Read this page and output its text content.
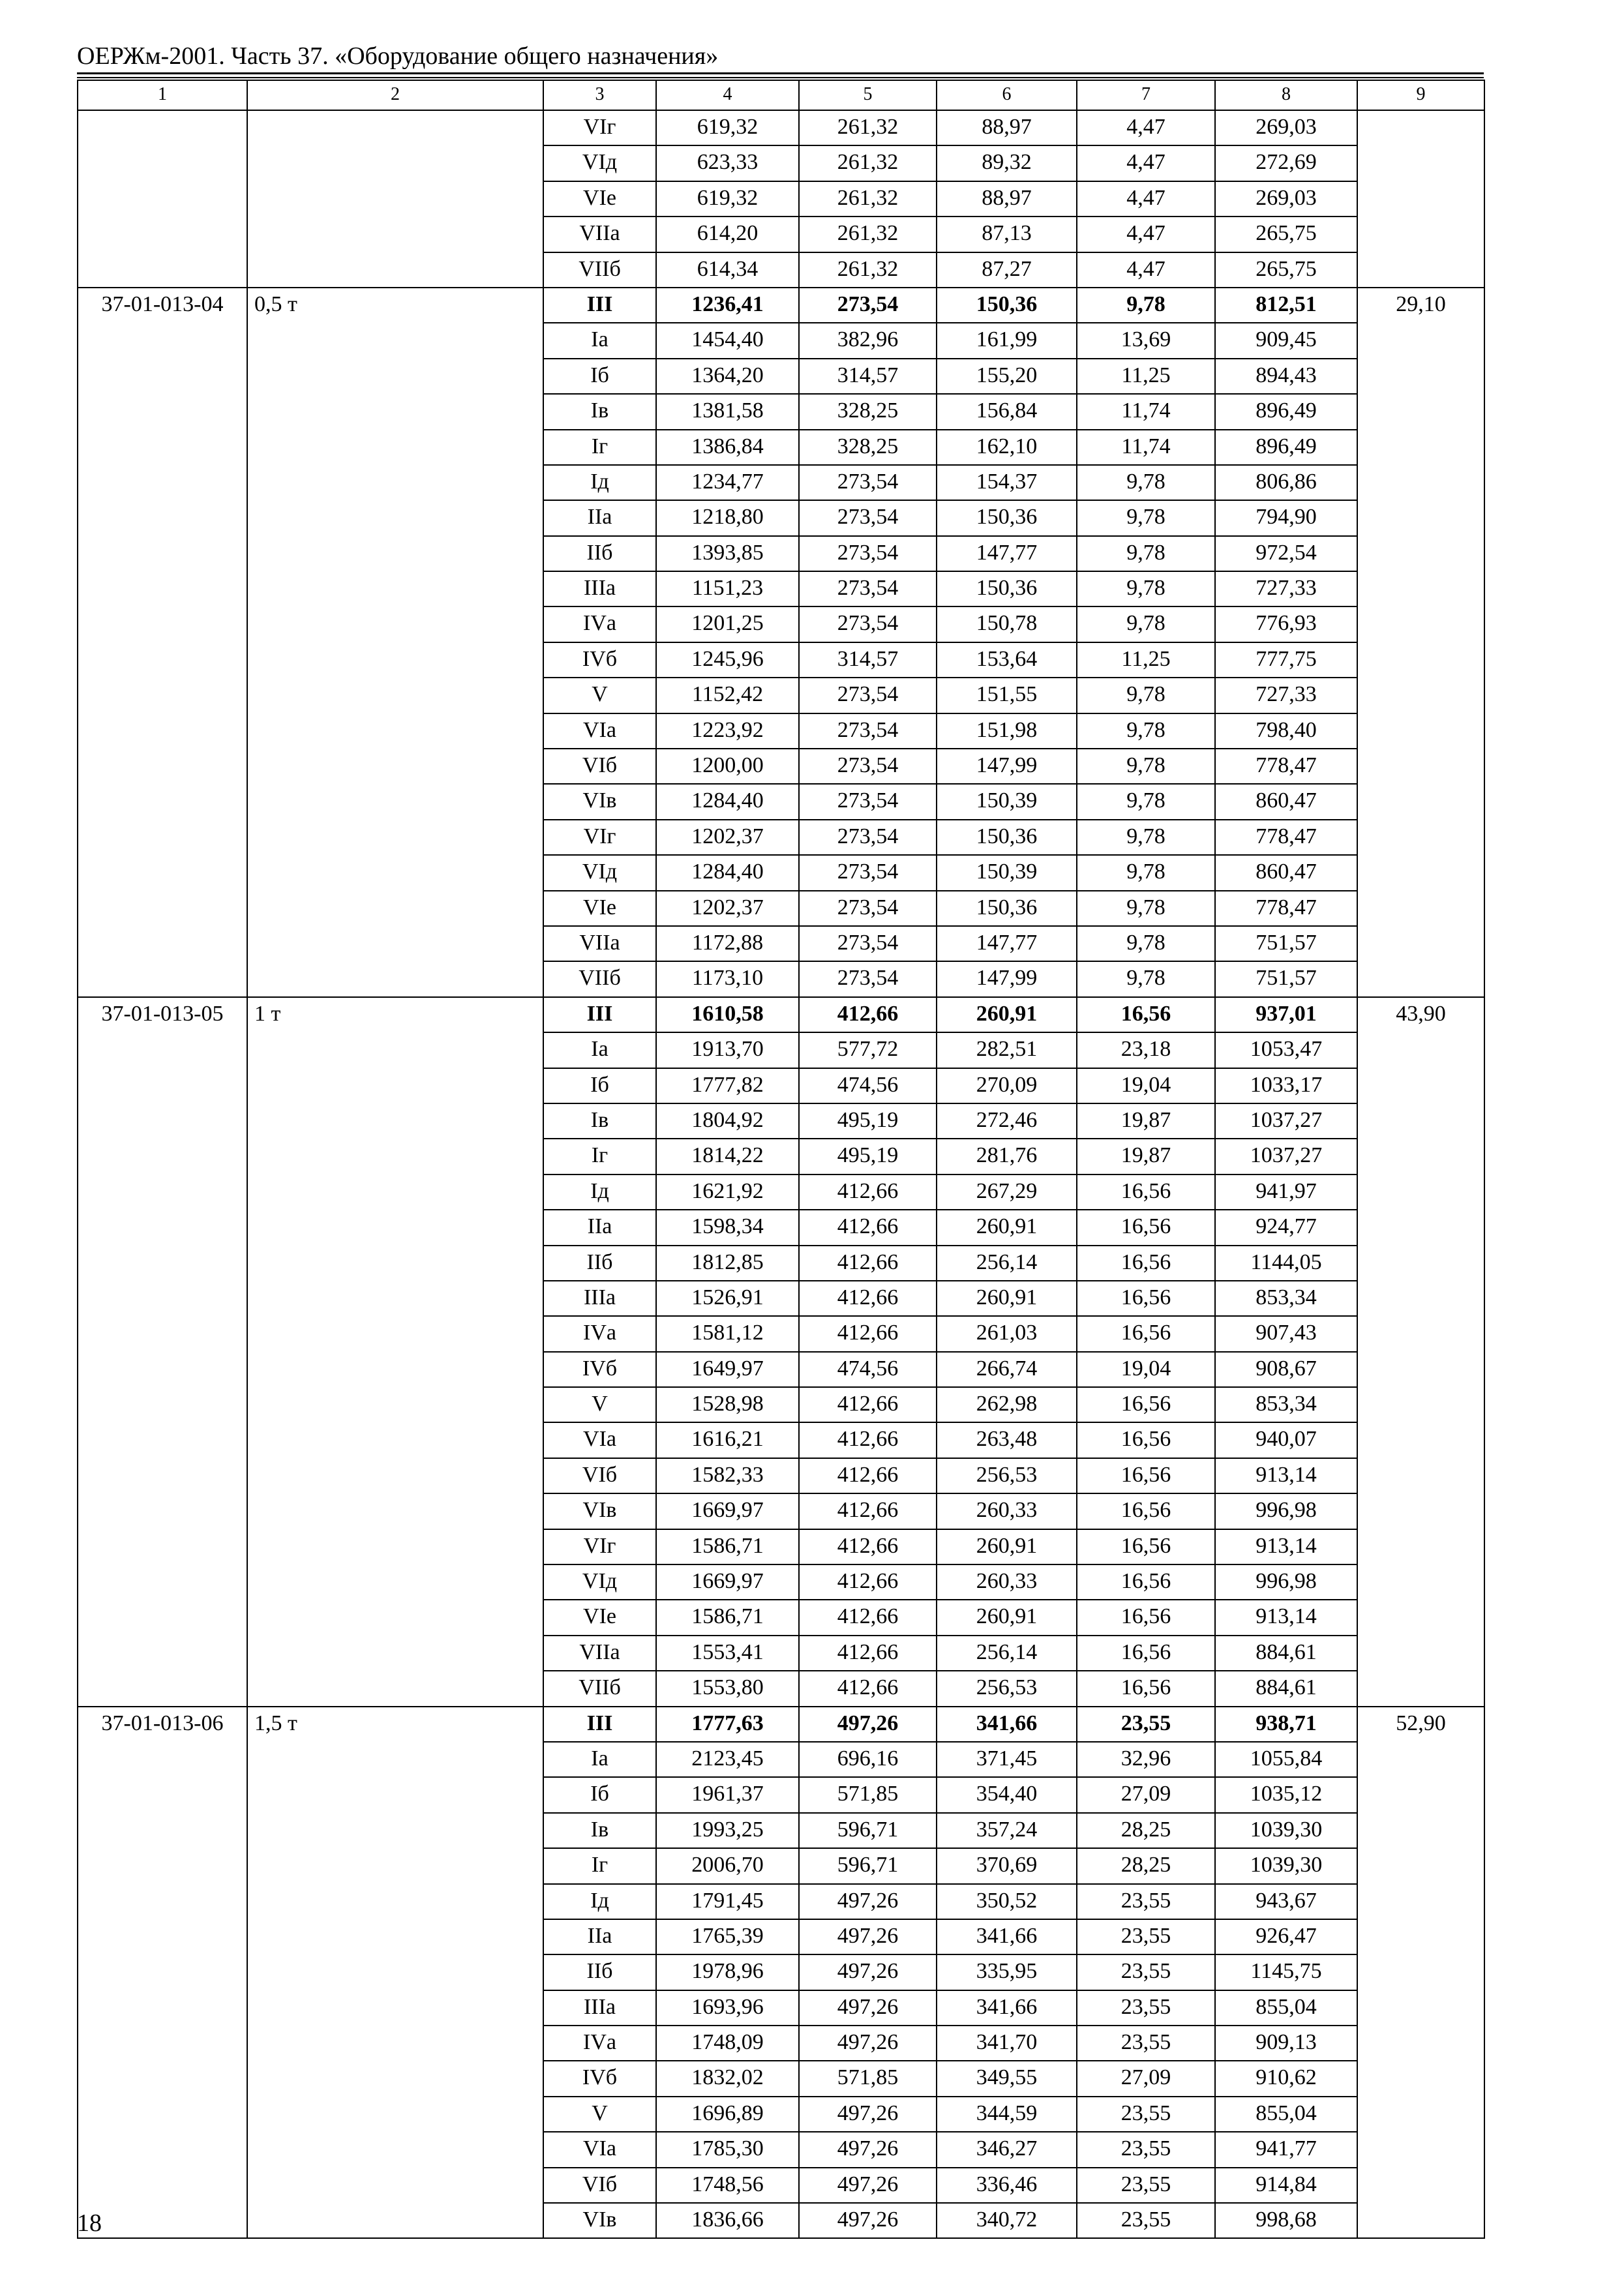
ОЕРЖм-2001. Часть 37. «Оборудование общего назначения»
1	2	3	4	5	6	7	8	9
		VIг	619,32	261,32	88,97	4,47	269,03	
		VIд	623,33	261,32	89,32	4,47	272,69	
		VIе	619,32	261,32	88,97	4,47	269,03	
		VIIа	614,20	261,32	87,13	4,47	265,75	
		VIIб	614,34	261,32	87,27	4,47	265,75	
37-01-013-04	0,5 т	III	1236,41	273,54	150,36	9,78	812,51	29,10
		Iа	1454,40	382,96	161,99	13,69	909,45	
		Iб	1364,20	314,57	155,20	11,25	894,43	
		Iв	1381,58	328,25	156,84	11,74	896,49	
		Iг	1386,84	328,25	162,10	11,74	896,49	
		Iд	1234,77	273,54	154,37	9,78	806,86	
		IIа	1218,80	273,54	150,36	9,78	794,90	
		IIб	1393,85	273,54	147,77	9,78	972,54	
		IIIа	1151,23	273,54	150,36	9,78	727,33	
		IVа	1201,25	273,54	150,78	9,78	776,93	
		IVб	1245,96	314,57	153,64	11,25	777,75	
		V	1152,42	273,54	151,55	9,78	727,33	
		VIа	1223,92	273,54	151,98	9,78	798,40	
		VIб	1200,00	273,54	147,99	9,78	778,47	
		VIв	1284,40	273,54	150,39	9,78	860,47	
		VIг	1202,37	273,54	150,36	9,78	778,47	
		VIд	1284,40	273,54	150,39	9,78	860,47	
		VIе	1202,37	273,54	150,36	9,78	778,47	
		VIIа	1172,88	273,54	147,77	9,78	751,57	
		VIIб	1173,10	273,54	147,99	9,78	751,57	
37-01-013-05	1 т	III	1610,58	412,66	260,91	16,56	937,01	43,90
		Iа	1913,70	577,72	282,51	23,18	1053,47	
		Iб	1777,82	474,56	270,09	19,04	1033,17	
		Iв	1804,92	495,19	272,46	19,87	1037,27	
		Iг	1814,22	495,19	281,76	19,87	1037,27	
		Iд	1621,92	412,66	267,29	16,56	941,97	
		IIа	1598,34	412,66	260,91	16,56	924,77	
		IIб	1812,85	412,66	256,14	16,56	1144,05	
		IIIа	1526,91	412,66	260,91	16,56	853,34	
		IVа	1581,12	412,66	261,03	16,56	907,43	
		IVб	1649,97	474,56	266,74	19,04	908,67	
		V	1528,98	412,66	262,98	16,56	853,34	
		VIа	1616,21	412,66	263,48	16,56	940,07	
		VIб	1582,33	412,66	256,53	16,56	913,14	
		VIв	1669,97	412,66	260,33	16,56	996,98	
		VIг	1586,71	412,66	260,91	16,56	913,14	
		VIд	1669,97	412,66	260,33	16,56	996,98	
		VIе	1586,71	412,66	260,91	16,56	913,14	
		VIIа	1553,41	412,66	256,14	16,56	884,61	
		VIIб	1553,80	412,66	256,53	16,56	884,61	
37-01-013-06	1,5 т	III	1777,63	497,26	341,66	23,55	938,71	52,90
		Iа	2123,45	696,16	371,45	32,96	1055,84	
		Iб	1961,37	571,85	354,40	27,09	1035,12	
		Iв	1993,25	596,71	357,24	28,25	1039,30	
		Iг	2006,70	596,71	370,69	28,25	1039,30	
		Iд	1791,45	497,26	350,52	23,55	943,67	
		IIа	1765,39	497,26	341,66	23,55	926,47	
		IIб	1978,96	497,26	335,95	23,55	1145,75	
		IIIа	1693,96	497,26	341,66	23,55	855,04	
		IVа	1748,09	497,26	341,70	23,55	909,13	
		IVб	1832,02	571,85	349,55	27,09	910,62	
		V	1696,89	497,26	344,59	23,55	855,04	
		VIа	1785,30	497,26	346,27	23,55	941,77	
		VIб	1748,56	497,26	336,46	23,55	914,84	
		VIв	1836,66	497,26	340,72	23,55	998,68	
18
